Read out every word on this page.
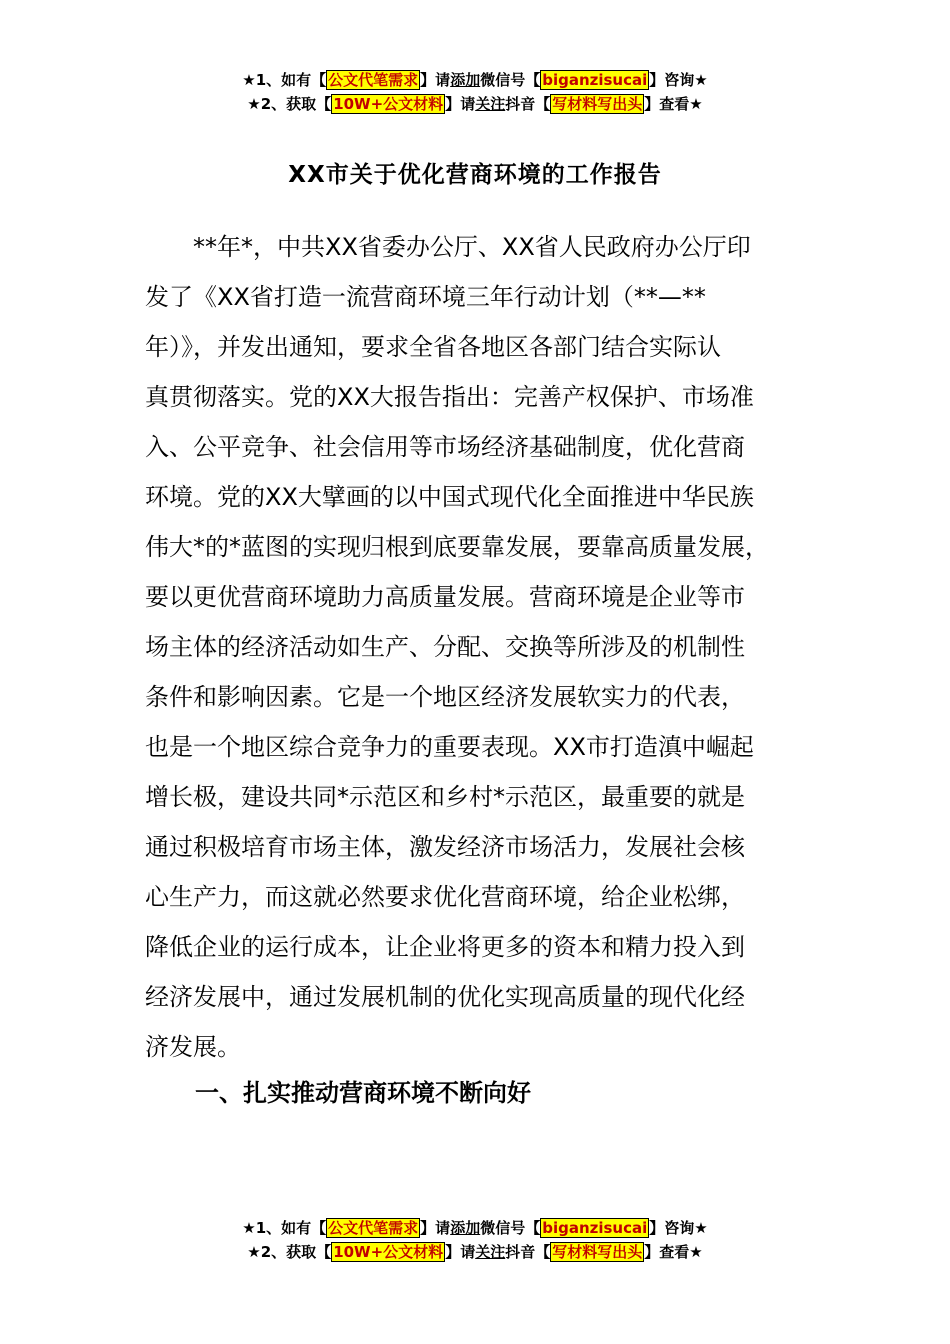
★1、如有【 公文代笔需求 】请添加微信号【 biganzisucai 】咨询★
★2、获取【 10W+公文材料 】请关注抖音【 写材料写出头 】查看★
XX市关于优化营商环境的工作报告
　　**年*，中共XX省委办公厅、XX省人民政府办公厅印
发了《XX省打造一流营商环境三年行动计划（**—**
年）》，并发出通知，要求全省各地区各部门结合实际认
真贯彻落实。党的XX大报告指出：完善产权保护、市场准
入、公平竞争、社会信用等市场经济基础制度，优化营商
环境。党的XX大擘画的以中国式现代化全面推进中华民族
伟大*的*蓝图的实现归根到底要靠发展，要靠高质量发展，
要以更优营商环境助力高质量发展。营商环境是企业等市
场主体的经济活动如生产、分配、交换等所涉及的机制性
条件和影响因素。它是一个地区经济发展软实力的代表，
也是一个地区综合竞争力的重要表现。XX市打造滇中崛起
增长极，建设共同*示范区和乡村*示范区，最重要的就是
通过积极培育市场主体，激发经济市场活力，发展社会核
心生产力，而这就必然要求优化营商环境，给企业松绑，
降低企业的运行成本，让企业将更多的资本和精力投入到
经济发展中，通过发展机制的优化实现高质量的现代化经
济发展。
一、扎实推动营商环境不断向好
★1、如有【 公文代笔需求 】请添加微信号【 biganzisucai 】咨询★
★2、获取【 10W+公文材料 】请关注抖音【 写材料写出头 】查看★
